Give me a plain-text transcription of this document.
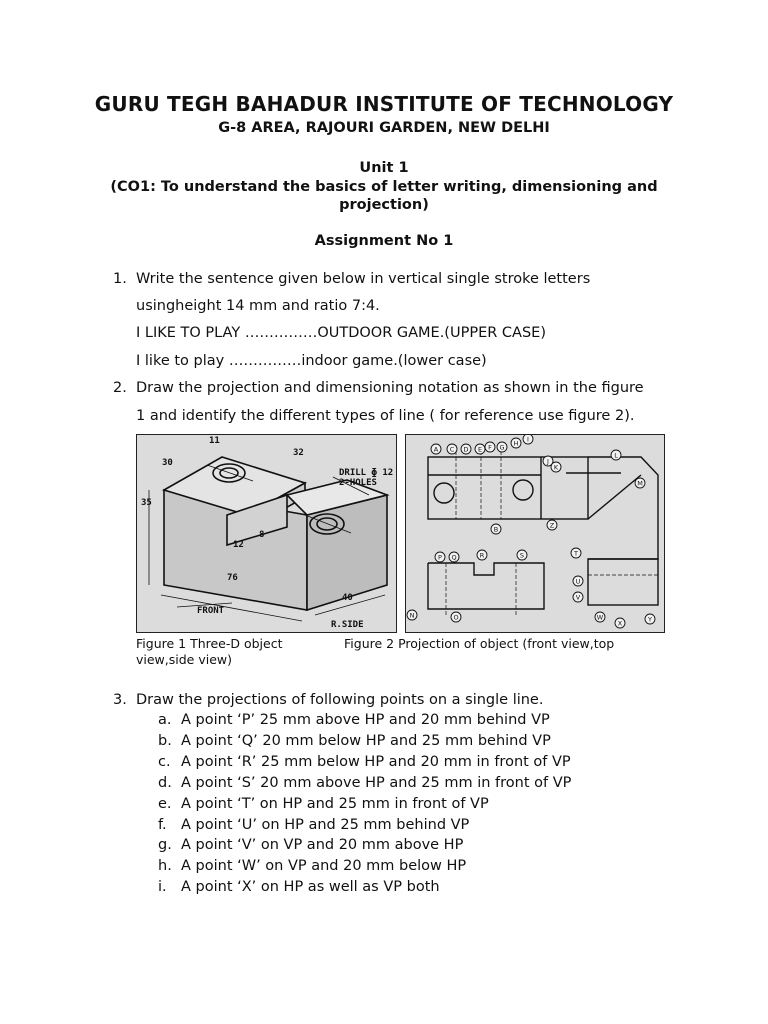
GURU TEGH BAHADUR INSTITUTE OF TECHNOLOGY
G-8 AREA, RAJOURI GARDEN, NEW DELHI
Unit 1
(CO1: To understand the basics of letter writing, dimensioning and projection)
Assignment No 1
1. Write the sentence given below in vertical single stroke letters
usingheight 14 mm and ratio 7:4.
I LIKE TO PLAY ……………OUTDOOR GAME.(UPPER CASE)
I like to play ……………indoor game.(lower case)
2. Draw the projection and dimensioning notation as shown in the figure
1 and identify the different types of line ( for reference use figure 2).
DRILL ɸ 12
2-HOLES
FRONT
R.SIDE
76
40
12
8
35
32
11
30
A C D E F G H I
J
K
L
M
B	Z
P Q	R	S	T
U
V
W
X	Y
N	O
Figure 1 Three-D object
view,side view)
Figure 2 Projection of object (front view,top
3. Draw the projections of following points on a single line.
a. A point ‘P’ 25 mm above HP and 20 mm behind VP
b. A point ‘Q’ 20 mm below HP and 25 mm behind VP
c. A point ‘R’ 25 mm below HP and 20 mm in front of VP
d. A point ‘S’ 20 mm above HP and 25 mm in front of VP
e. A point ‘T’ on HP and 25 mm in front of VP
f. A point ‘U’ on HP and 25 mm behind VP
g. A point ‘V’ on VP and 20 mm above HP
h. A point ‘W’ on VP and 20 mm below HP
i. A point ‘X’ on HP as well as VP both
